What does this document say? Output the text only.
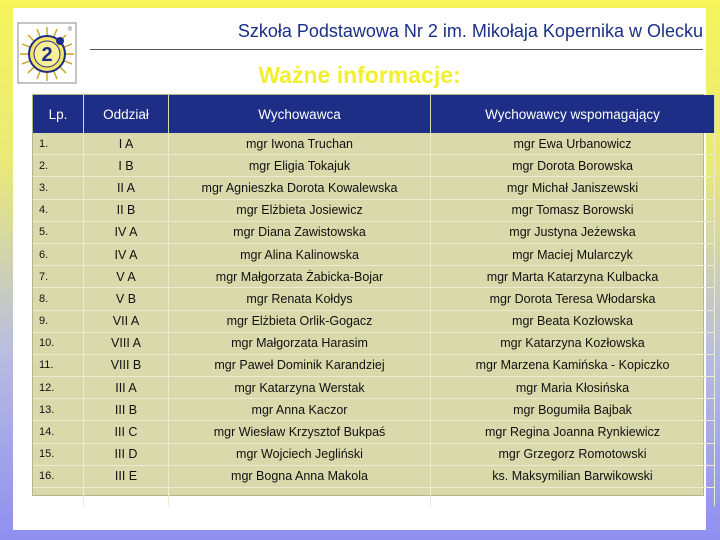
2
®	Szkoła Podstawowa Nr 2 im. Mikołaja Kopernika w Olecku
Ważne informacje:
Lp.	Oddział	Wychowawca	Wychowawcy wspomagający
1.	I A	mgr Iwona Truchan	mgr Ewa Urbanowicz
2.	I B	mgr Eligia Tokajuk	mgr Dorota Borowska
3.	II A	mgr Agnieszka Dorota Kowalewska	mgr Michał Janiszewski
4.	II B	mgr Elżbieta Josiewicz	mgr Tomasz Borowski
5.	IV A	mgr Diana Zawistowska	mgr Justyna Jeżewska
6.	IV A	mgr Alina Kalinowska	mgr Maciej Mularczyk
7.	V A	mgr Małgorzata Żabicka-Bojar	mgr Marta Katarzyna Kulbacka
8.	V B	mgr Renata Kołdys	mgr Dorota Teresa Włodarska
9.	VII A	mgr Elżbieta Orlik-Gogacz	mgr Beata Kozłowska
10.	VIII A	mgr Małgorzata Harasim	mgr Katarzyna Kozłowska
11.	VIII B	mgr Paweł Dominik Karandziej	mgr Marzena Kamińska - Kopiczko
12.	III A	mgr Katarzyna Werstak	mgr Maria Kłosińska
13.	III B	mgr Anna Kaczor	mgr Bogumiła Bajbak
14.	III C	mgr Wiesław Krzysztof Bukpaś	mgr Regina Joanna Rynkiewicz
15.	III D	mgr Wojciech Jegliński	mgr Grzegorz Romotowski
16.	III E	mgr Bogna Anna Makola	ks. Maksymilian Barwikowski
